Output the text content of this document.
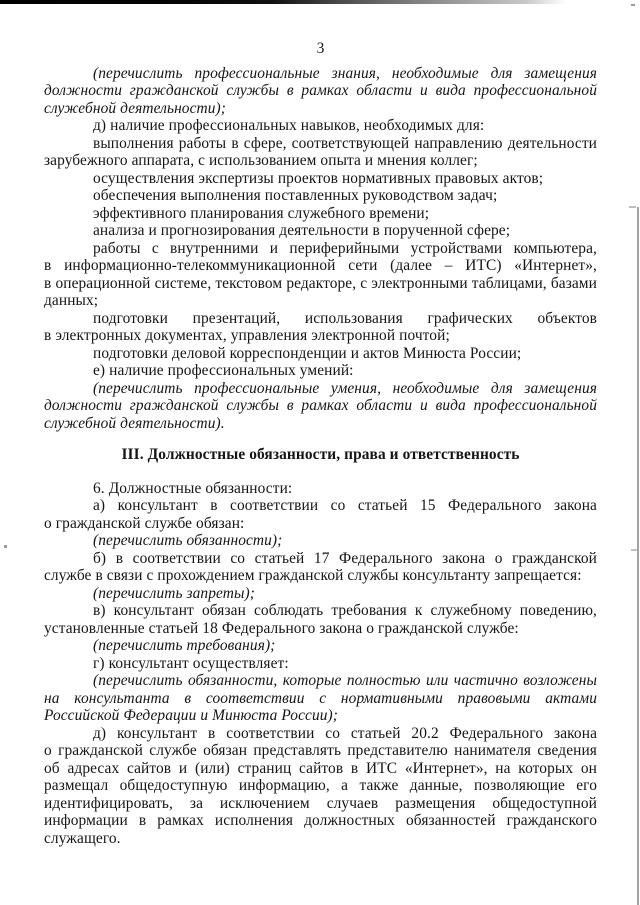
3

(перечислить профессиональные знания, необходимые для замещения должности гражданской службы в рамках области и вида профессиональной служебной деятельности);

д) наличие профессиональных навыков, необходимых для:

выполнения работы в сфере, соответствующей направлению деятельности зарубежного аппарата, с использованием опыта и мнения коллег;

осуществления экспертизы проектов нормативных правовых актов;

обеспечения выполнения поставленных руководством задач;

эффективного планирования служебного времени;

анализа и прогнозирования деятельности в порученной сфере;

работы с внутренними и периферийными устройствами компьютера, в информационно-телекоммуникационной сети (далее – ИТС) «Интернет», в операционной системе, текстовом редакторе, с электронными таблицами, базами данных;

подготовки презентаций, использования графических объектов в электронных документах, управления электронной почтой;

подготовки деловой корреспонденции и актов Минюста России;

е) наличие профессиональных умений:

(перечислить профессиональные умения, необходимые для замещения должности гражданской службы в рамках области и вида профессиональной служебной деятельности).

III. Должностные обязанности, права и ответственность

6. Должностные обязанности:

а) консультант в соответствии со статьей 15 Федерального закона о гражданской службе обязан:

(перечислить обязанности);

б) в соответствии со статьей 17 Федерального закона о гражданской службе в связи с прохождением гражданской службы консультанту запрещается:

(перечислить запреты);

в) консультант обязан соблюдать требования к служебному поведению, установленные статьей 18 Федерального закона о гражданской службе:

(перечислить требования);

г) консультант осуществляет:

(перечислить обязанности, которые полностью или частично возложены на консультанта в соответствии с нормативными правовыми актами Российской Федерации и Минюста России);

д) консультант в соответствии со статьей 20.2 Федерального закона о гражданской службе обязан представлять представителю нанимателя сведения об адресах сайтов и (или) страниц сайтов в ИТС «Интернет», на которых он размещал общедоступную информацию, а также данные, позволяющие его идентифицировать, за исключением случаев размещения общедоступной информации в рамках исполнения должностных обязанностей гражданского служащего.
